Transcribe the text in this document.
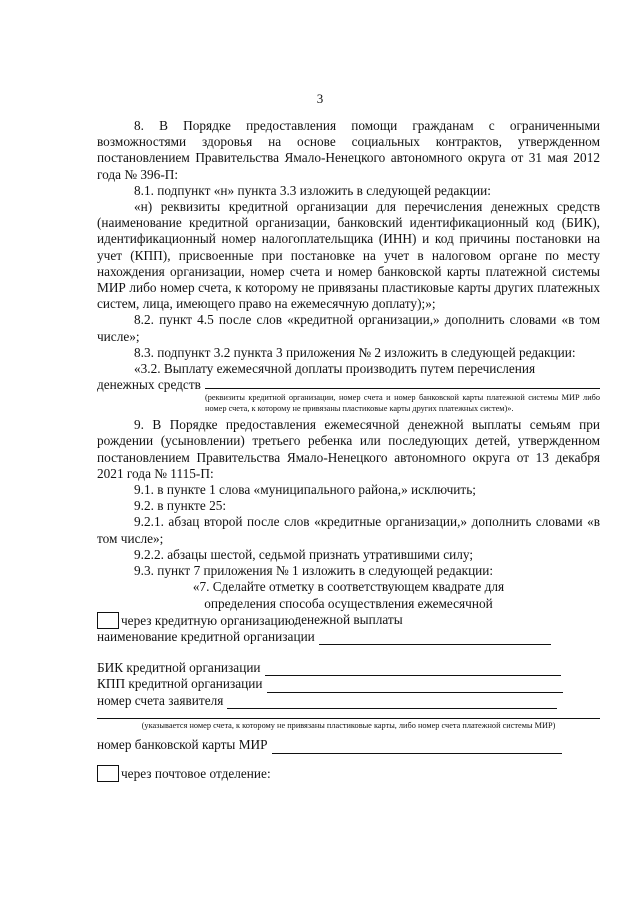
3

8. В Порядке предоставления помощи гражданам с ограниченными возможностями здоровья на основе социальных контрактов, утвержденном постановлением Правительства Ямало-Ненецкого автономного округа от 31 мая 2012 года № 396-П:

8.1. подпункт «н» пункта 3.3 изложить в следующей редакции:

«н) реквизиты кредитной организации для перечисления денежных средств (наименование кредитной организации, банковский идентификационный код (БИК), идентификационный номер налогоплательщика (ИНН) и код причины постановки на учет (КПП), присвоенные при постановке на учет в налоговом органе по месту нахождения организации, номер счета и номер банковской карты платежной системы МИР либо номер счета, к которому не привязаны пластиковые карты других платежных систем, лица, имеющего право на ежемесячную доплату);»;

8.2. пункт 4.5 после слов «кредитной организации,» дополнить словами «в том числе»;

8.3. подпункт 3.2 пункта 3 приложения № 2 изложить в следующей редакции:

«3.2. Выплату ежемесячной доплаты производить путем перечисления

денежных средств

(реквизиты кредитной организации, номер счета и номер банковской карты платежной системы МИР либо номер счета, к которому не привязаны пластиковые карты других платежных систем)».

9. В Порядке предоставления ежемесячной денежной выплаты семьям при рождении (усыновлении) третьего ребенка или последующих детей, утвержденном постановлением Правительства Ямало-Ненецкого автономного округа от 13 декабря 2021 года № 1115-П:

9.1. в пункте 1 слова «муниципального района,» исключить;

9.2. в пункте 25:

9.2.1. абзац второй после слов «кредитные организации,» дополнить словами «в том числе»;

9.2.2. абзацы шестой, седьмой признать утратившими силу;

9.3. пункт 7 приложения № 1 изложить в следующей редакции:

«7. Сделайте отметку в соответствующем квадрате для определения способа осуществления ежемесячной денежной выплаты

через кредитную организацию:
наименование кредитной организации
БИК кредитной организации
КПП кредитной организации
номер счета заявителя
(указывается номер счета, к которому не привязаны пластиковые карты, либо номер счета платежной системы МИР)
номер банковской карты МИР
через почтовое отделение:
